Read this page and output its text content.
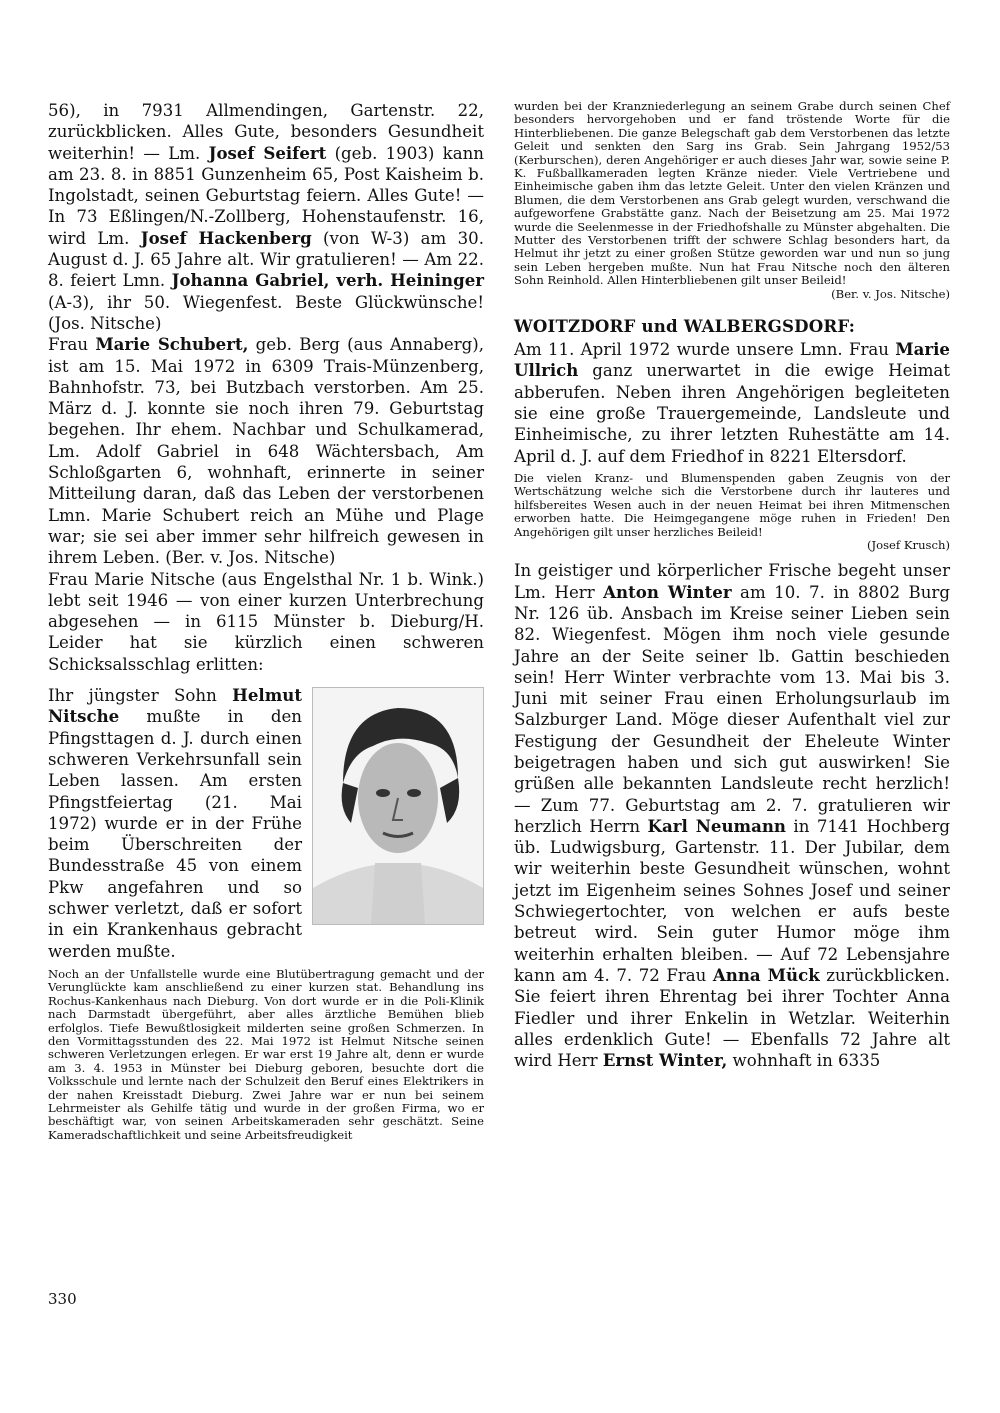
56), in 7931 Allmendingen, Gartenstr. 22, zurückblicken. Alles Gute, besonders Gesundheit weiterhin! — Lm. Josef Seifert (geb. 1903) kann am 23. 8. in 8851 Gunzenheim 65, Post Kaisheim b. Ingolstadt, seinen Geburtstag feiern. Alles Gute! — In 73 Eßlingen/N.-Zollberg, Hohenstaufenstr. 16, wird Lm. Josef Hackenberg (von W-3) am 30. August d. J. 65 Jahre alt. Wir gratulieren! — Am 22. 8. feiert Lmn. Johanna Gabriel, verh. Heininger (A-3), ihr 50. Wiegenfest. Beste Glückwünsche! (Jos. Nitsche)

Frau Marie Schubert, geb. Berg (aus Annaberg), ist am 15. Mai 1972 in 6309 Trais-Münzenberg, Bahnhofstr. 73, bei Butzbach verstorben. Am 25. März d. J. konnte sie noch ihren 79. Geburtstag begehen. Ihr ehem. Nachbar und Schulkamerad, Lm. Adolf Gabriel in 648 Wächtersbach, Am Schloßgarten 6, wohnhaft, erinnerte in seiner Mitteilung daran, daß das Leben der verstorbenen Lmn. Marie Schubert reich an Mühe und Plage war; sie sei aber immer sehr hilfreich gewesen in ihrem Leben. (Ber. v. Jos. Nitsche)

Frau Marie Nitsche (aus Engelsthal Nr. 1 b. Wink.) lebt seit 1946 — von einer kurzen Unterbrechung abgesehen — in 6115 Münster b. Dieburg/H. Leider hat sie kürzlich einen schweren Schicksalsschlag erlitten:

Ihr jüngster Sohn Helmut Nitsche mußte in den Pfingsttagen d. J. durch einen schweren Verkehrsunfall sein Leben lassen. Am ersten Pfingstfeiertag (21. Mai 1972) wurde er in der Frühe beim Überschreiten der Bundesstraße 45 von einem Pkw angefahren und so schwer verletzt, daß er sofort in ein Krankenhaus gebracht werden mußte.

Noch an der Unfallstelle wurde eine Blutübertragung gemacht und der Verunglückte kam anschließend zu einer kurzen stat. Behandlung ins Rochus-Kankenhaus nach Dieburg. Von dort wurde er in die Poli-Klinik nach Darmstadt übergeführt, aber alles ärztliche Bemühen blieb erfolglos. Tiefe Bewußtlosigkeit milderten seine großen Schmerzen. In den Vormittagsstunden des 22. Mai 1972 ist Helmut Nitsche seinen schweren Verletzungen erlegen. Er war erst 19 Jahre alt, denn er wurde am 3. 4. 1953 in Münster bei Dieburg geboren, besuchte dort die Volksschule und lernte nach der Schulzeit den Beruf eines Elektrikers in der nahen Kreisstadt Dieburg. Zwei Jahre war er nun bei seinem Lehrmeister als Gehilfe tätig und wurde in der großen Firma, wo er beschäftigt war, von seinen Arbeitskameraden sehr geschätzt. Seine Kameradschaftlichkeit und seine Arbeitsfreudigkeit

wurden bei der Kranzniederlegung an seinem Grabe durch seinen Chef besonders hervorgehoben und er fand tröstende Worte für die Hinterbliebenen. Die ganze Belegschaft gab dem Verstorbenen das letzte Geleit und senkten den Sarg ins Grab. Sein Jahrgang 1952/53 (Kerburschen), deren Angehöriger er auch dieses Jahr war, sowie seine P. K. Fußballkameraden legten Kränze nieder. Viele Vertriebene und Einheimische gaben ihm das letzte Geleit. Unter den vielen Kränzen und Blumen, die dem Verstorbenen ans Grab gelegt wurden, verschwand die aufgeworfene Grabstätte ganz. Nach der Beisetzung am 25. Mai 1972 wurde die Seelenmesse in der Friedhofshalle zu Münster abgehalten. Die Mutter des Verstorbenen trifft der schwere Schlag besonders hart, da Helmut ihr jetzt zu einer großen Stütze geworden war und nun so jung sein Leben hergeben mußte. Nun hat Frau Nitsche noch den älteren Sohn Reinhold. Allen Hinterbliebenen gilt unser Beileid!

(Ber. v. Jos. Nitsche)

WOITZDORF und WALBERGSDORF:

Am 11. April 1972 wurde unsere Lmn. Frau Marie Ullrich ganz unerwartet in die ewige Heimat abberufen. Neben ihren Angehörigen begleiteten sie eine große Trauergemeinde, Landsleute und Einheimische, zu ihrer letzten Ruhestätte am 14. April d. J. auf dem Friedhof in 8221 Eltersdorf.

Die vielen Kranz- und Blumenspenden gaben Zeugnis von der Wertschätzung welche sich die Verstorbene durch ihr lauteres und hilfsbereites Wesen auch in der neuen Heimat bei ihren Mitmenschen erworben hatte. Die Heimgegangene möge ruhen in Frieden! Den Angehörigen gilt unser herzliches Beileid!

(Josef Krusch)

In geistiger und körperlicher Frische begeht unser Lm. Herr Anton Winter am 10. 7. in 8802 Burg Nr. 126 üb. Ansbach im Kreise seiner Lieben sein 82. Wiegenfest. Mögen ihm noch viele gesunde Jahre an der Seite seiner lb. Gattin beschieden sein! Herr Winter verbrachte vom 13. Mai bis 3. Juni mit seiner Frau einen Erholungsurlaub im Salzburger Land. Möge dieser Aufenthalt viel zur Festigung der Gesundheit der Eheleute Winter beigetragen haben und sich gut auswirken! Sie grüßen alle bekannten Landsleute recht herzlich! — Zum 77. Geburtstag am 2. 7. gratulieren wir herzlich Herrn Karl Neumann in 7141 Hochberg üb. Ludwigsburg, Gartenstr. 11. Der Jubilar, dem wir weiterhin beste Gesundheit wünschen, wohnt jetzt im Eigenheim seines Sohnes Josef und seiner Schwiegertochter, von welchen er aufs beste betreut wird. Sein guter Humor möge ihm weiterhin erhalten bleiben. — Auf 72 Lebensjahre kann am 4. 7. 72 Frau Anna Mück zurückblicken. Sie feiert ihren Ehrentag bei ihrer Tochter Anna Fiedler und ihrer Enkelin in Wetzlar. Weiterhin alles erdenklich Gute! — Ebenfalls 72 Jahre alt wird Herr Ernst Winter, wohnhaft in 6335

330
